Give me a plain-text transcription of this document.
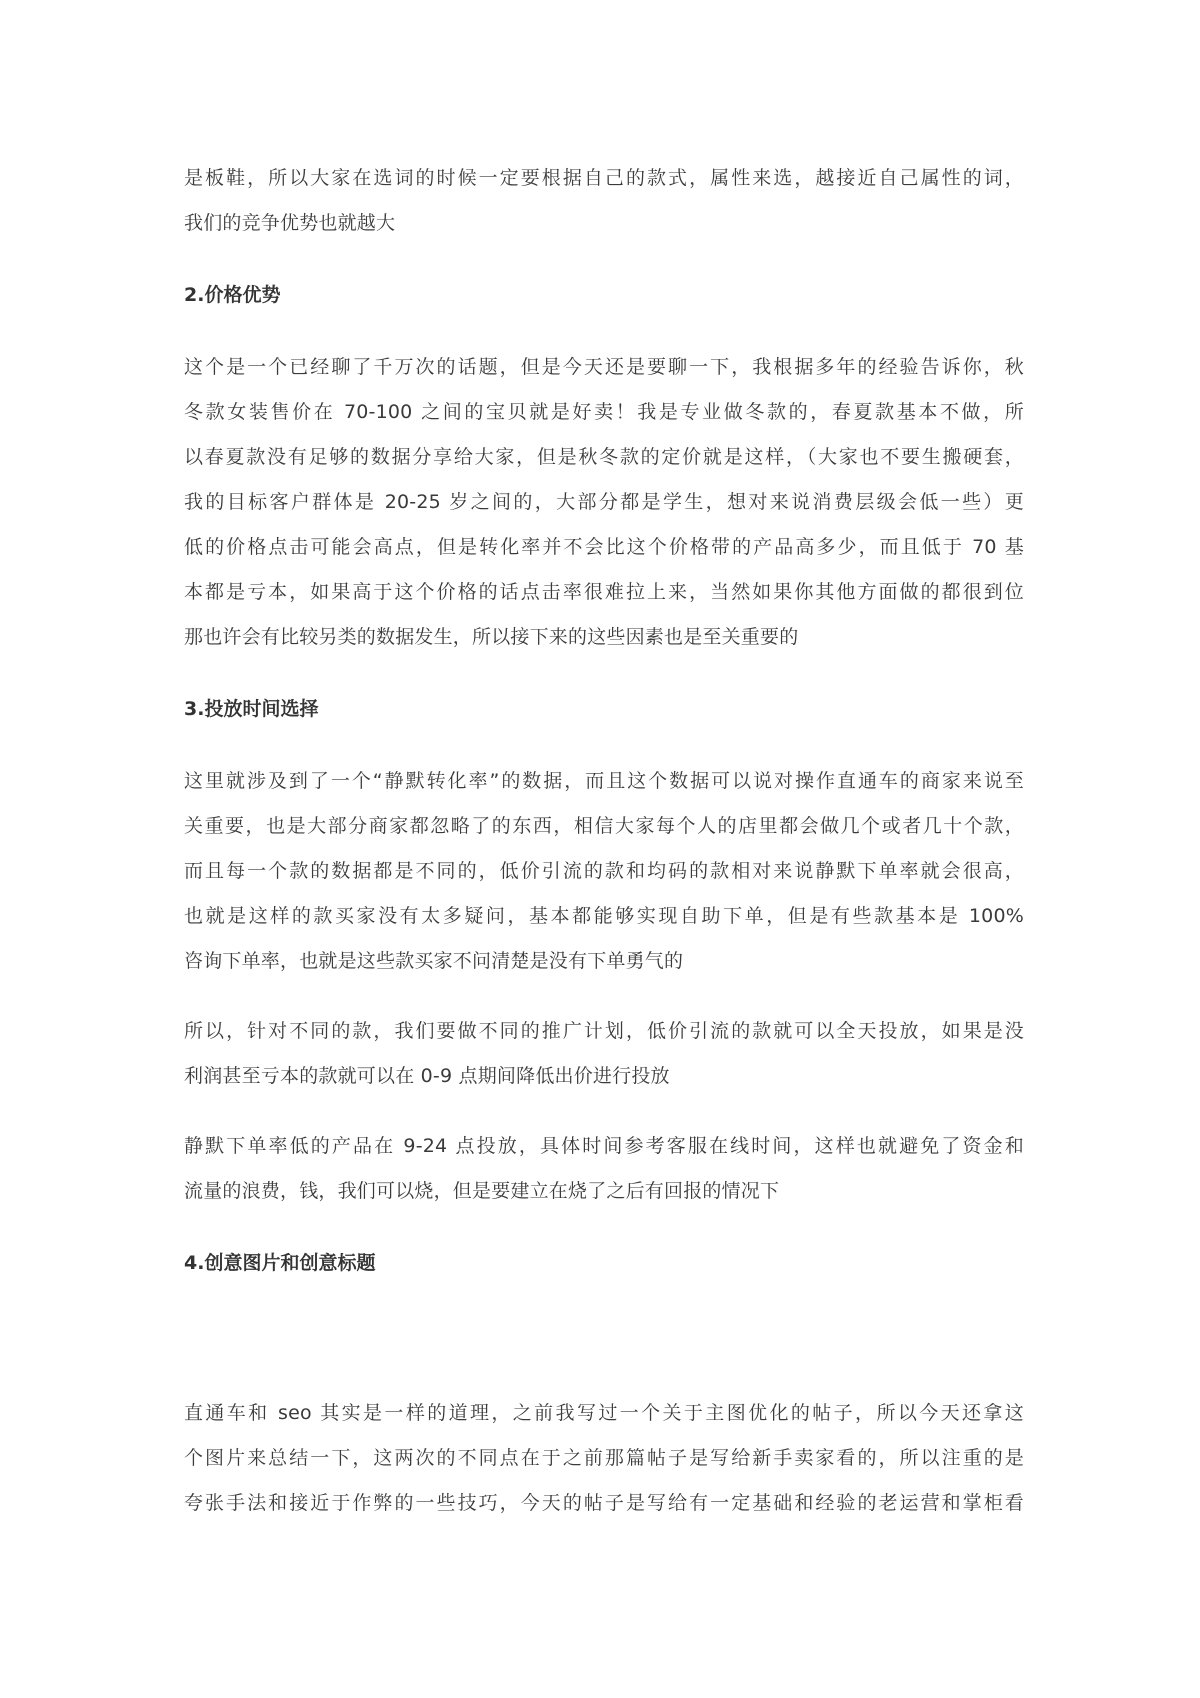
是板鞋，所以大家在选词的时候一定要根据自己的款式，属性来选，越接近自己属性的词，
我们的竞争优势也就越大

2.价格优势

这个是一个已经聊了千万次的话题，但是今天还是要聊一下，我根据多年的经验告诉你，秋
冬款女装售价在 70-100 之间的宝贝就是好卖！我是专业做冬款的，春夏款基本不做，所
以春夏款没有足够的数据分享给大家，但是秋冬款的定价就是这样，（大家也不要生搬硬套，
我的目标客户群体是 20-25 岁之间的，大部分都是学生，想对来说消费层级会低一些）更
低的价格点击可能会高点，但是转化率并不会比这个价格带的产品高多少，而且低于 70 基
本都是亏本，如果高于这个价格的话点击率很难拉上来，当然如果你其他方面做的都很到位
那也许会有比较另类的数据发生，所以接下来的这些因素也是至关重要的

3.投放时间选择

这里就涉及到了一个“静默转化率”的数据，而且这个数据可以说对操作直通车的商家来说至
关重要，也是大部分商家都忽略了的东西，相信大家每个人的店里都会做几个或者几十个款，
而且每一个款的数据都是不同的，低价引流的款和均码的款相对来说静默下单率就会很高，
也就是这样的款买家没有太多疑问，基本都能够实现自助下单，但是有些款基本是 100%
咨询下单率，也就是这些款买家不问清楚是没有下单勇气的

所以，针对不同的款，我们要做不同的推广计划，低价引流的款就可以全天投放，如果是没
利润甚至亏本的款就可以在 0-9 点期间降低出价进行投放

静默下单率低的产品在 9-24 点投放，具体时间参考客服在线时间，这样也就避免了资金和
流量的浪费，钱，我们可以烧，但是要建立在烧了之后有回报的情况下

4.创意图片和创意标题

直通车和 seo 其实是一样的道理，之前我写过一个关于主图优化的帖子，所以今天还拿这
个图片来总结一下，这两次的不同点在于之前那篇帖子是写给新手卖家看的，所以注重的是
夸张手法和接近于作弊的一些技巧，今天的帖子是写给有一定基础和经验的老运营和掌柜看
